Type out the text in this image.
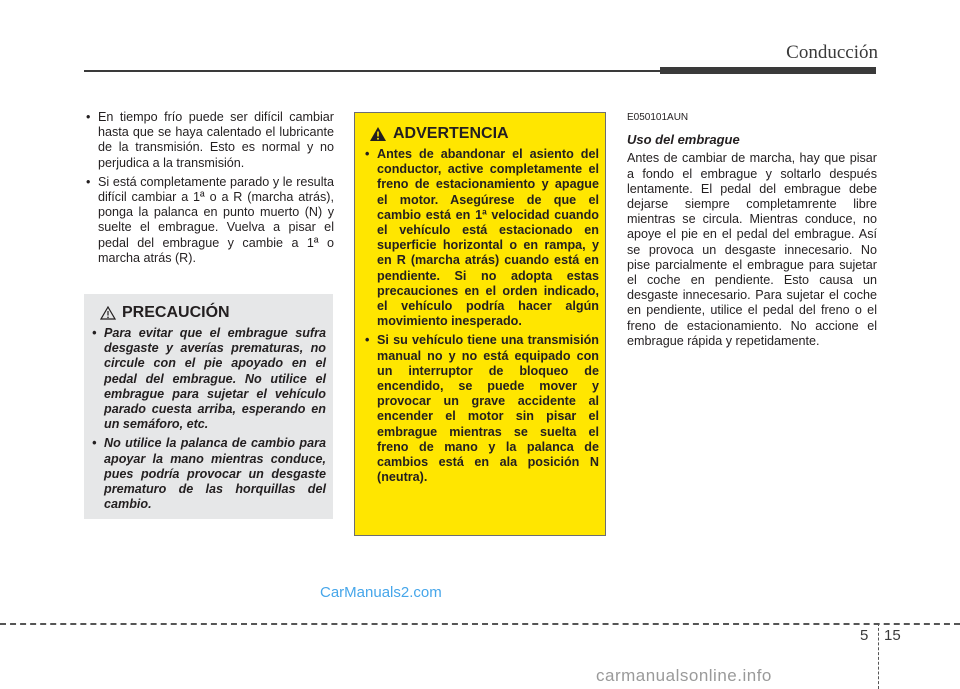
Conducción
• En tiempo frío puede ser difícil cambiar hasta que se haya calentado el lubricante de la transmisión. Esto es normal y no perjudica a la transmisión.
• Si está completamente parado y le resulta difícil cambiar a 1ª o a R (marcha atrás), ponga la palanca en punto muerto (N) y suelte el embrague. Vuelva a pisar el pedal del embrague y cambie a 1ª o marcha atrás (R).
PRECAUCIÓN
• Para evitar que el embrague sufra desgaste y averías prematuras, no circule con el pie apoyado en el pedal del embrague. No utilice el embrague para sujetar el vehículo parado cuesta arriba, esperando en un semáforo, etc.
• No utilice la palanca de cambio para apoyar la mano mientras conduce, pues podría provocar un desgaste prematuro de las horquillas del cambio.
ADVERTENCIA
• Antes de abandonar el asiento del conductor, active completamente el freno de estacionamiento y apague el motor. Asegúrese de que el cambio está en 1ª velocidad cuando el vehículo está estacionado en superficie horizontal o en rampa, y en R (marcha atrás) cuando está en pendiente. Si no adopta estas precauciones en el orden indicado, el vehículo podría hacer algún movimiento inesperado.
• Si su vehículo tiene una transmisión manual no y no está equipado con un interruptor de bloqueo de encendido, se puede mover y provocar un grave accidente al encender el motor sin pisar el embrague mientras se suelta el freno de mano y la palanca de cambios está en ala posición N (neutra).
E050101AUN
Uso del embrague
Antes de cambiar de marcha, hay que pisar a fondo el embrague y soltarlo después lentamente. El pedal del embrague debe dejarse siempre completamrente libre mientras se circula. Mientras conduce, no apoye el pie en el pedal del embrague. Así se provoca un desgaste innecesario. No pise parcialmente el embrague para sujetar el coche en pendiente. Esto causa un desgaste innecesario. Para sujetar el coche en pendiente, utilice el pedal del freno o el freno de estacionamiento. No accione el embrague rápida y repetidamente.
CarManuals2.com
5 15
carmanualsonline.info
